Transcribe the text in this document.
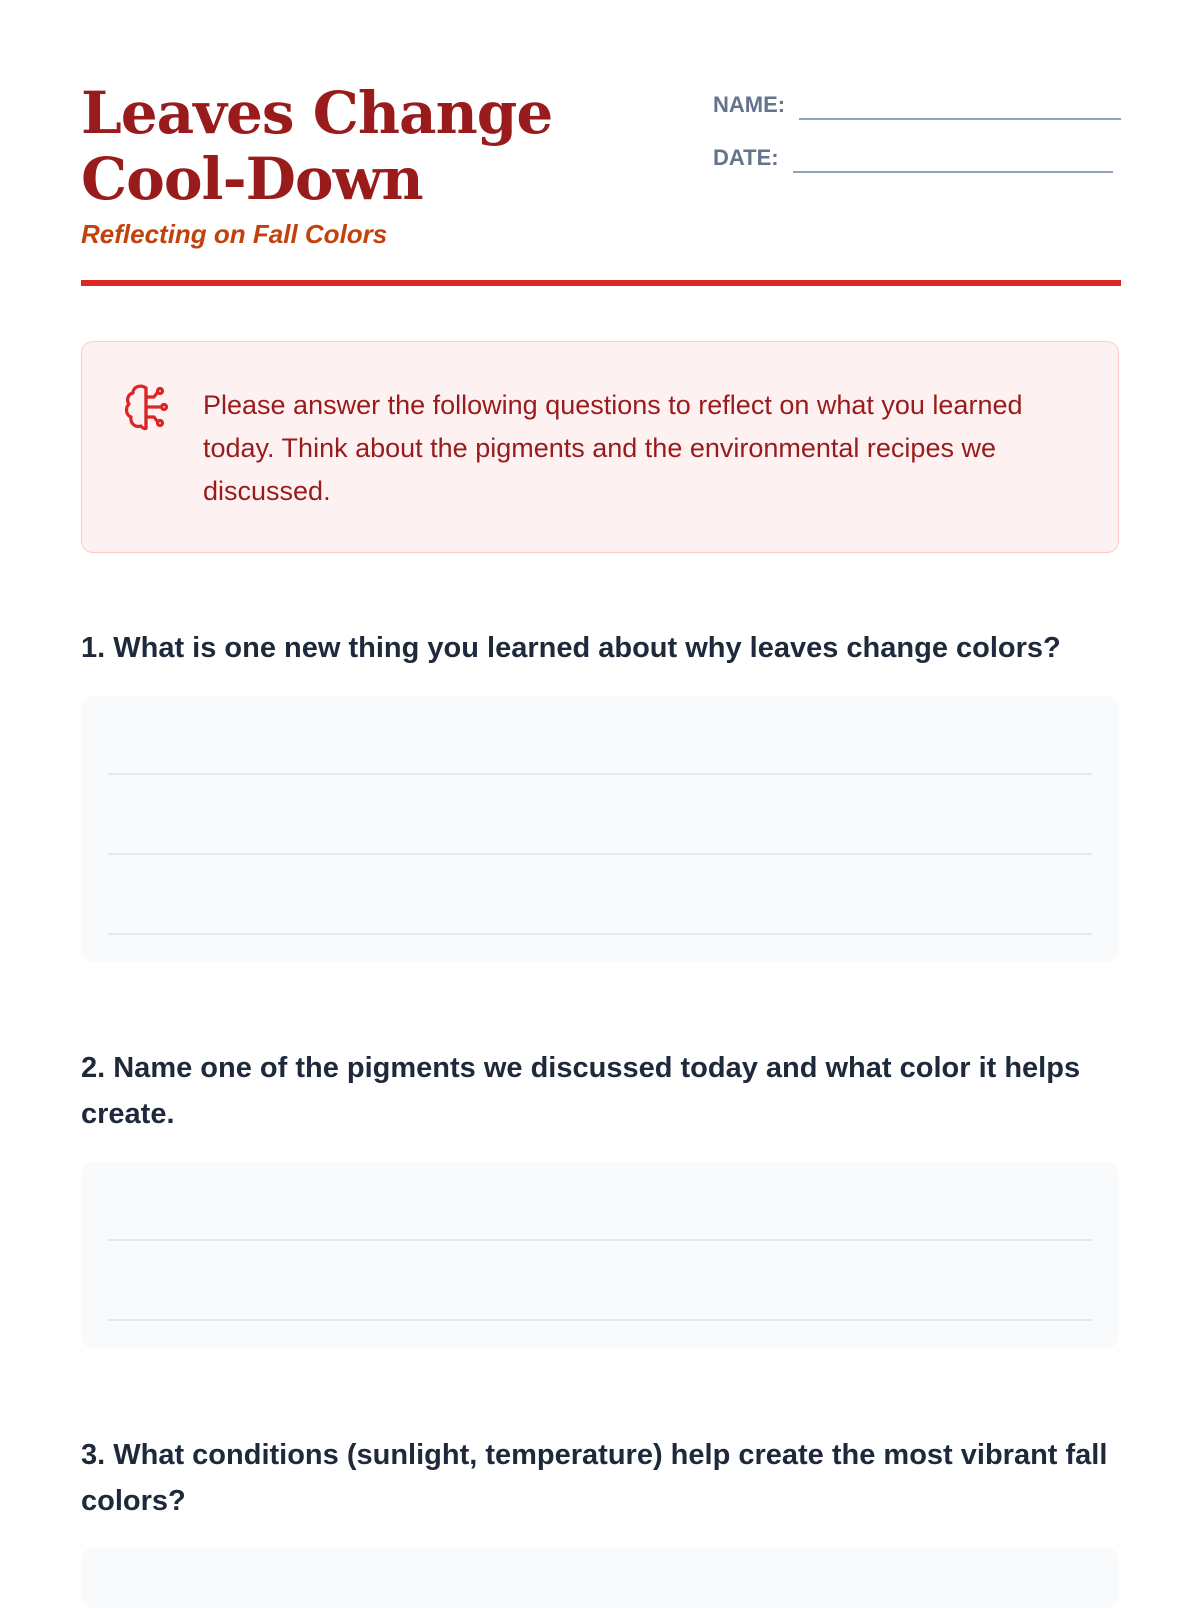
Leaves Change Cool-Down

Reflecting on Fall Colors

NAME:
DATE:

Please answer the following questions to reflect on what you learned today. Think about the pigments and the environmental recipes we discussed.

1. What is one new thing you learned about why leaves change colors?

2. Name one of the pigments we discussed today and what color it helps create.

3. What conditions (sunlight, temperature) help create the most vibrant fall colors?
